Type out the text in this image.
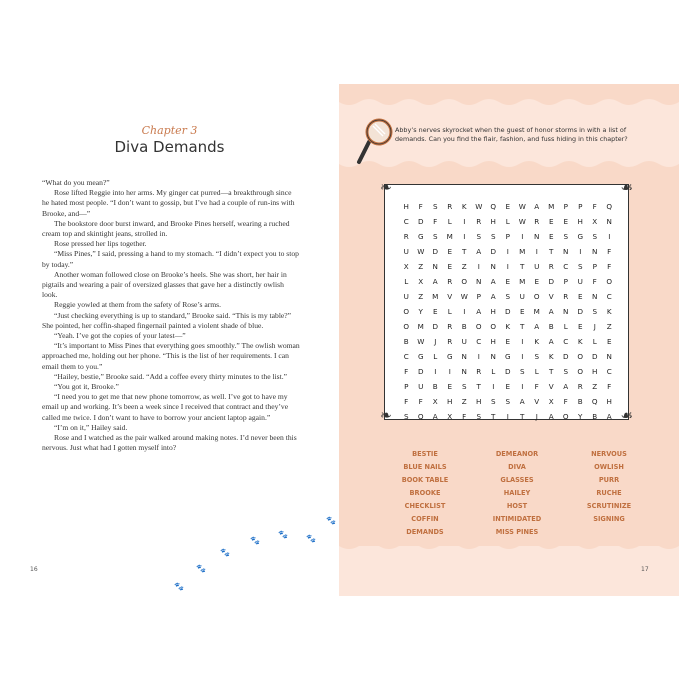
Chapter 3
Diva Demands

“What do you mean?”

Rose lifted Reggie into her arms. My ginger cat purred—a breakthrough since he hated most people. “I don’t want to gossip, but I’ve had a couple of run-ins with Brooke, and—”

The bookstore door burst inward, and Brooke Pines herself, wearing a ruched cream top and skintight jeans, strolled in.

Rose pressed her lips together.

“Miss Pines,” I said, pressing a hand to my stomach. “I didn’t expect you to stop by today.”

Another woman followed close on Brooke’s heels. She was short, her hair in pigtails and wearing a pair of oversized glasses that gave her a distinctly owlish look.

Reggie yowled at them from the safety of Rose’s arms.

“Just checking everything is up to standard,” Brooke said. “This is my table?” She pointed, her coffin-shaped fingernail painted a violent shade of blue.

“Yeah. I’ve got the copies of your latest—”

“It’s important to Miss Pines that everything goes smoothly.” The owlish woman approached me, holding out her phone. “This is the list of her requirements. I can email them to you.”

“Hailey, bestie,” Brooke said. “Add a coffee every thirty minutes to the list.”

“You got it, Brooke.”

“I need you to get me that new phone tomorrow, as well. I’ve got to have my email up and working. It’s been a week since I received that contract and they’ve called me twice. I don’t want to have to borrow your ancient laptop again.”

“I’m on it,” Hailey said.

Rose and I watched as the pair walked around making notes. I’d never been this nervous. Just what had I gotten myself into?

🐾
🐾
🐾
🐾
🐾 🐾
🐾
16
Abby’s nerves skyrocket when the guest of honor storms in with a list of demands. Can you find the flair, fashion, and fuss hiding in this chapter?
❧	☙
❧	☙
H	F	S	R	K	W	Q	E	W	A	M	P	P	F	Q
C	D	F	L	I	R	H	L	W	R	E	E	H	X	N
R	G	S	M	I	S	S	P	I	N	E	S	G	S	I
U	W	D	E	T	A	D	I	M	I	T	N	I	N	F
X	Z	N	E	Z	I	N	I	T	U	R	C	S	P	F
L	X	A	R	O	N	A	E	M	E	D	P	U	F	O
U	Z	M	V	W	P	A	S	U	O	V	R	E	N	C
O	Y	E	L	I	A	H	D	E	M	A	N	D	S	K
O	M	D	R	B	O	O	K	T	A	B	L	E	J	Z
B	W	J	R	U	C	H	E	I	K	A	C	K	L	E
C	G	L	G	N	I	N	G	I	S	K	D	O	D	N
F	D	I	I	N	R	L	D	S	L	T	S	O	H	C
P	U	B	E	S	T	I	E	I	F	V	A	R	Z	F
F	F	X	H	Z	H	S	S	A	V	X	F	B	Q	H
S	Q	A	X	F	S	T	I	T	J	A	O	Y	B	A
BESTIE	DEMEANOR	NERVOUS
BLUE NAILS	DIVA	OWLISH
BOOK TABLE	GLASSES	PURR
BROOKE	HAILEY	RUCHE
CHECKLIST	HOST	SCRUTINIZE
COFFIN	INTIMIDATED	SIGNING
DEMANDS	MISS PINES
17
